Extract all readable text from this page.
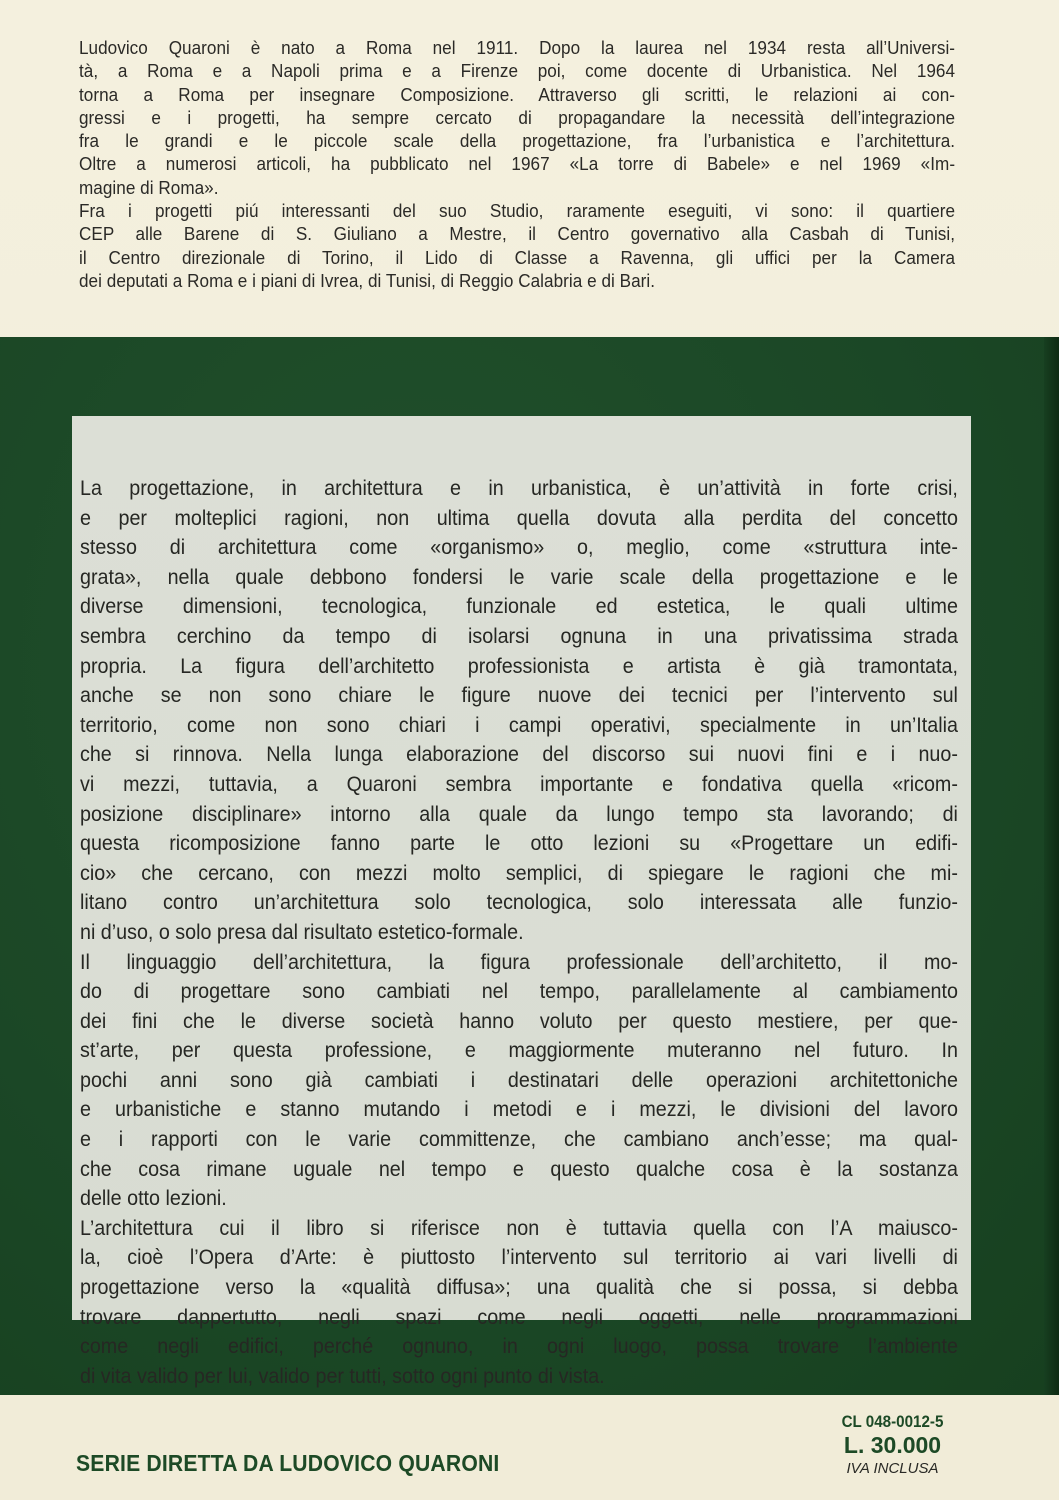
Ludovico Quaroni è nato a Roma nel 1911. Dopo la laurea nel 1934 resta all’Universi-
tà, a Roma e a Napoli prima e a Firenze poi, come docente di Urbanistica. Nel 1964
torna a Roma per insegnare Composizione. Attraverso gli scritti, le relazioni ai con-
gressi e i progetti, ha sempre cercato di propagandare la necessità dell’integrazione
fra le grandi e le piccole scale della progettazione, fra l’urbanistica e l’architettura.
Oltre a numerosi articoli, ha pubblicato nel 1967 «La torre di Babele» e nel 1969 «Im-
magine di Roma».
Fra i progetti piú interessanti del suo Studio, raramente eseguiti, vi sono: il quartiere
CEP alle Barene di S. Giuliano a Mestre, il Centro governativo alla Casbah di Tunisi,
il Centro direzionale di Torino, il Lido di Classe a Ravenna, gli uffici per la Camera
dei deputati a Roma e i piani di Ivrea, di Tunisi, di Reggio Calabria e di Bari.
La progettazione, in architettura e in urbanistica, è un’attività in forte crisi,
e per molteplici ragioni, non ultima quella dovuta alla perdita del concetto
stesso di architettura come «organismo» o, meglio, come «struttura inte-
grata», nella quale debbono fondersi le varie scale della progettazione e le
diverse dimensioni, tecnologica, funzionale ed estetica, le quali ultime
sembra cerchino da tempo di isolarsi ognuna in una privatissima strada
propria. La figura dell’architetto professionista e artista è già tramontata,
anche se non sono chiare le figure nuove dei tecnici per l’intervento sul
territorio, come non sono chiari i campi operativi, specialmente in un’Italia
che si rinnova. Nella lunga elaborazione del discorso sui nuovi fini e i nuo-
vi mezzi, tuttavia, a Quaroni sembra importante e fondativa quella «ricom-
posizione disciplinare» intorno alla quale da lungo tempo sta lavorando; di
questa ricomposizione fanno parte le otto lezioni su «Progettare un edifi-
cio» che cercano, con mezzi molto semplici, di spiegare le ragioni che mi-
litano contro un’architettura solo tecnologica, solo interessata alle funzio-
ni d’uso, o solo presa dal risultato estetico-formale.
Il linguaggio dell’architettura, la figura professionale dell’architetto, il mo-
do di progettare sono cambiati nel tempo, parallelamente al cambiamento
dei fini che le diverse società hanno voluto per questo mestiere, per que-
st’arte, per questa professione, e maggiormente muteranno nel futuro. In
pochi anni sono già cambiati i destinatari delle operazioni architettoniche
e urbanistiche e stanno mutando i metodi e i mezzi, le divisioni del lavoro
e i rapporti con le varie committenze, che cambiano anch’esse; ma qual-
che cosa rimane uguale nel tempo e questo qualche cosa è la sostanza
delle otto lezioni.
L’architettura cui il libro si riferisce non è tuttavia quella con l’A maiusco-
la, cioè l’Opera d’Arte: è piuttosto l’intervento sul territorio ai vari livelli di
progettazione verso la «qualità diffusa»; una qualità che si possa, si debba
trovare dappertutto, negli spazi come negli oggetti, nelle programmazioni
come negli edifici, perché ognuno, in ogni luogo, possa trovare l’ambiente
di vita valido per lui, valido per tutti, sotto ogni punto di vista.
SERIE DIRETTA DA LUDOVICO QUARONI
CL 048-0012-5
L. 30.000
IVA INCLUSA
